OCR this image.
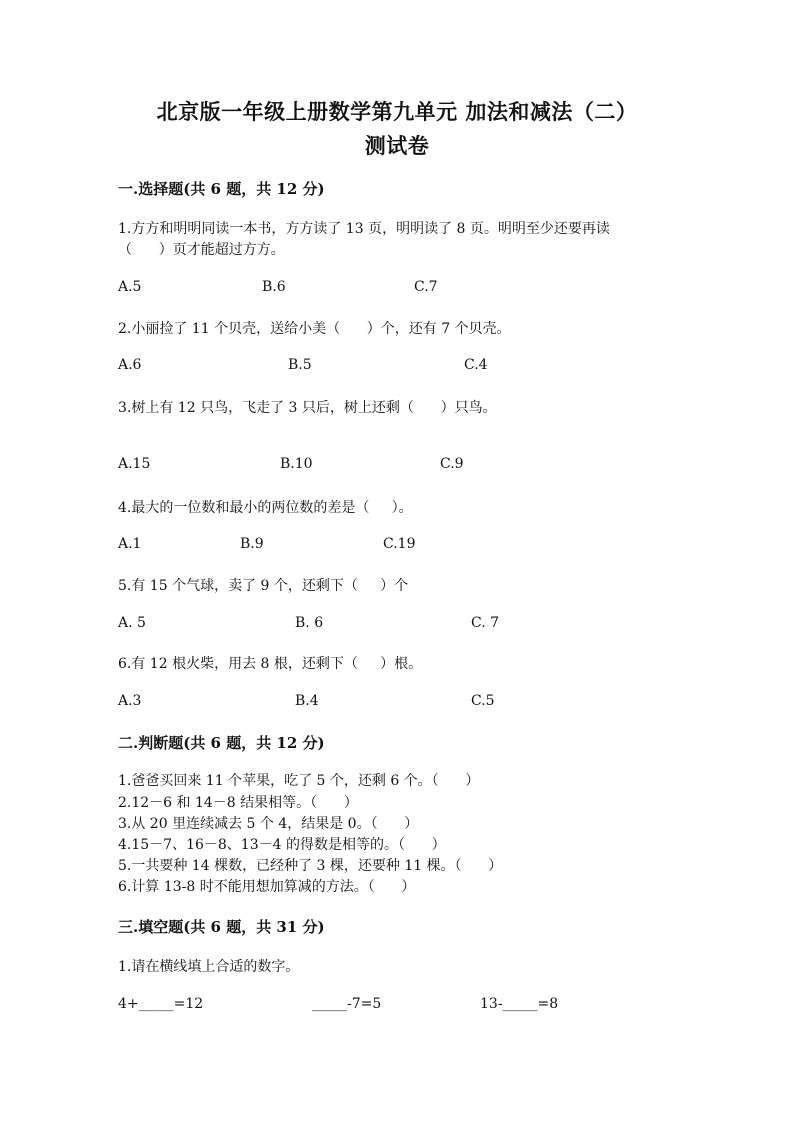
北京版一年级上册数学第九单元 加法和减法（二）
测试卷
一.选择题(共 6 题，共 12 分)
1.方方和明明同读一本书，方方读了 13 页，明明读了 8 页。明明至少还要再读
（      ）页才能超过方方。
A.5	B.6	C.7
2.小丽捡了 11 个贝壳，送给小美（      ）个，还有 7 个贝壳。
A.6	B.5	C.4
3.树上有 12 只鸟，飞走了 3 只后，树上还剩（      ）只鸟。
A.15	B.10	C.9
4.最大的一位数和最小的两位数的差是（     ）。
A.1	B.9	C.19
5.有 15 个气球，卖了 9 个，还剩下（     ）个
A. 5	B. 6	C. 7
6.有 12 根火柴，用去 8 根，还剩下（     ）根。
A.3	B.4	C.5
二.判断题(共 6 题，共 12 分)
1.爸爸买回来 11 个苹果，吃了 5 个，还剩 6 个。（      ）
2.12－6 和 14－8 结果相等。（      ）
3.从 20 里连续减去 5 个 4，结果是 0。（      ）
4.15－7、16－8、13－4 的得数是相等的。（      ）
5.一共要种 14 棵数，已经种了 3 棵，还要种 11 棵。（      ）
6.计算 13-8 时不能用想加算减的方法。（      ）
三.填空题(共 6 题，共 31 分)
1.请在横线填上合适的数字。
4+_____=12	_____-7=5	13-_____=8
